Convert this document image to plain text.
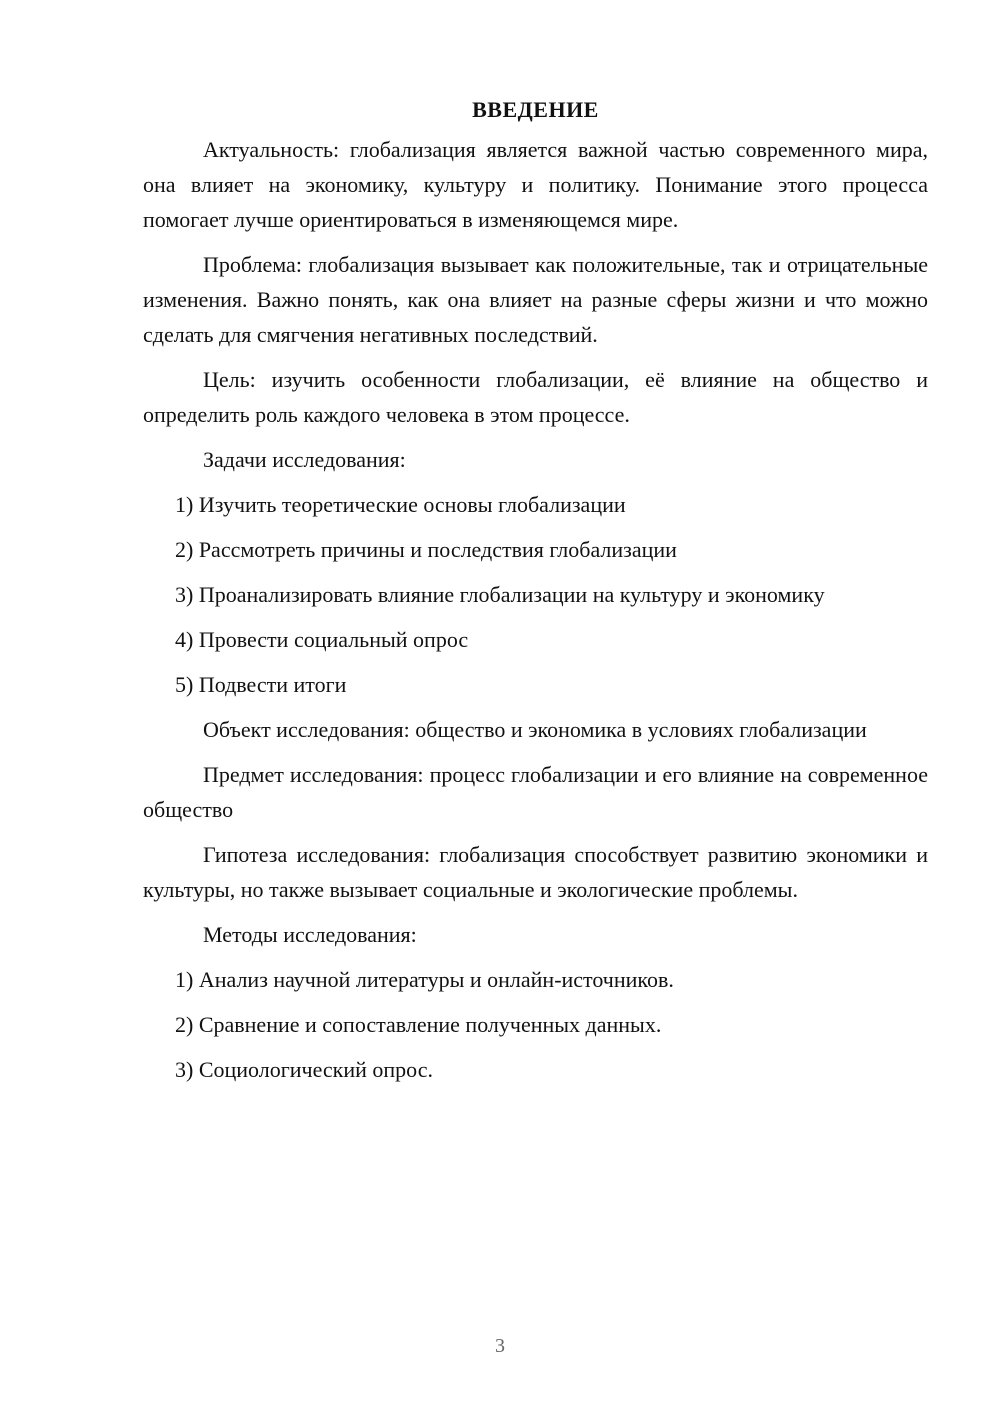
ВВЕДЕНИЕ

Актуальность: глобализация является важной частью современного мира, она влияет на экономику, культуру и политику. Понимание этого процесса помогает лучше ориентироваться в изменяющемся мире.

Проблема: глобализация вызывает как положительные, так и отрицательные изменения. Важно понять, как она влияет на разные сферы жизни и что можно сделать для смягчения негативных последствий.

Цель: изучить особенности глобализации, её влияние на общество и определить роль каждого человека в этом процессе.

Задачи исследования:

1) Изучить теоретические основы глобализации
2) Рассмотреть причины и последствия глобализации
3) Проанализировать влияние глобализации на культуру и экономику
4) Провести социальный опрос
5) Подвести итоги

Объект исследования: общество и экономика в условиях глобализации

Предмет исследования: процесс глобализации и его влияние на современное общество

Гипотеза исследования: глобализация способствует развитию экономики и культуры, но также вызывает социальные и экологические проблемы.

Методы исследования:

1) Анализ научной литературы и онлайн-источников.
2) Сравнение и сопоставление полученных данных.
3) Социологический опрос.
3
